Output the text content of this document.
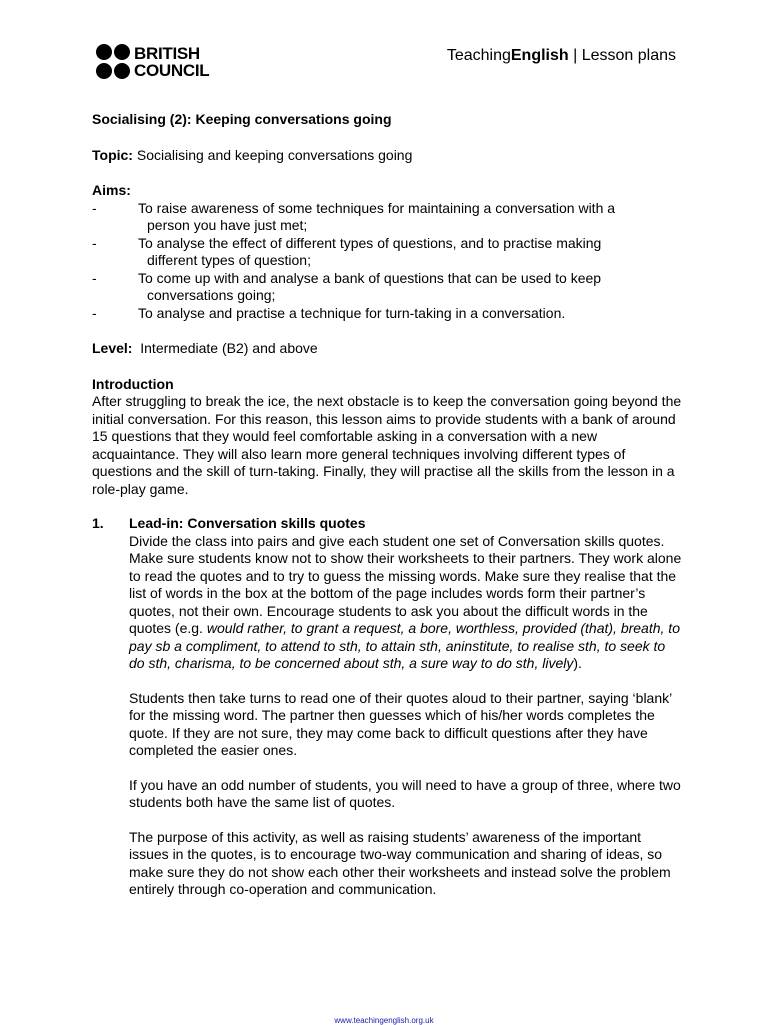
BRITISH
COUNCIL
TeachingEnglish | Lesson plans
Socialising (2): Keeping conversations going
Topic: Socialising and keeping conversations going
Aims:
-	To raise awareness of some techniques for maintaining a conversation with a
person you have just met;
-	To analyse the effect of different types of questions, and to practise making
different types of question;
-	To come up with and analyse a bank of questions that can be used to keep
conversations going;
-	To analyse and practise a technique for turn-taking in a conversation.
Level: Intermediate (B2) and above
Introduction
After struggling to break the ice, the next obstacle is to keep the conversation going beyond the initial conversation. For this reason, this lesson aims to provide students with a bank of around 15 questions that they would feel comfortable asking in a conversation with a new acquaintance. They will also learn more general techniques involving different types of questions and the skill of turn-taking. Finally, they will practise all the skills from the lesson in a role-play game.
1. Lead-in: Conversation skills quotes

Divide the class into pairs and give each student one set of Conversation skills quotes. Make sure students know not to show their worksheets to their partners. They work alone to read the quotes and to try to guess the missing words. Make sure they realise that the list of words in the box at the bottom of the page includes words form their partner’s quotes, not their own. Encourage students to ask you about the difficult words in the quotes (e.g. would rather, to grant a request, a bore, worthless, provided (that), breath, to pay sb a compliment, to attend to sth, to attain sth, aninstitute, to realise sth, to seek to do sth, charisma, to be concerned about sth, a sure way to do sth, lively).

Students then take turns to read one of their quotes aloud to their partner, saying ‘blank’ for the missing word. The partner then guesses which of his/her words completes the quote. If they are not sure, they may come back to difficult questions after they have completed the easier ones.

If you have an odd number of students, you will need to have a group of three, where two students both have the same list of quotes.

The purpose of this activity, as well as raising students’ awareness of the important issues in the quotes, is to encourage two-way communication and sharing of ideas, so make sure they do not show each other their worksheets and instead solve the problem entirely through co-operation and communication.

www.teachingenglish.org.uk
